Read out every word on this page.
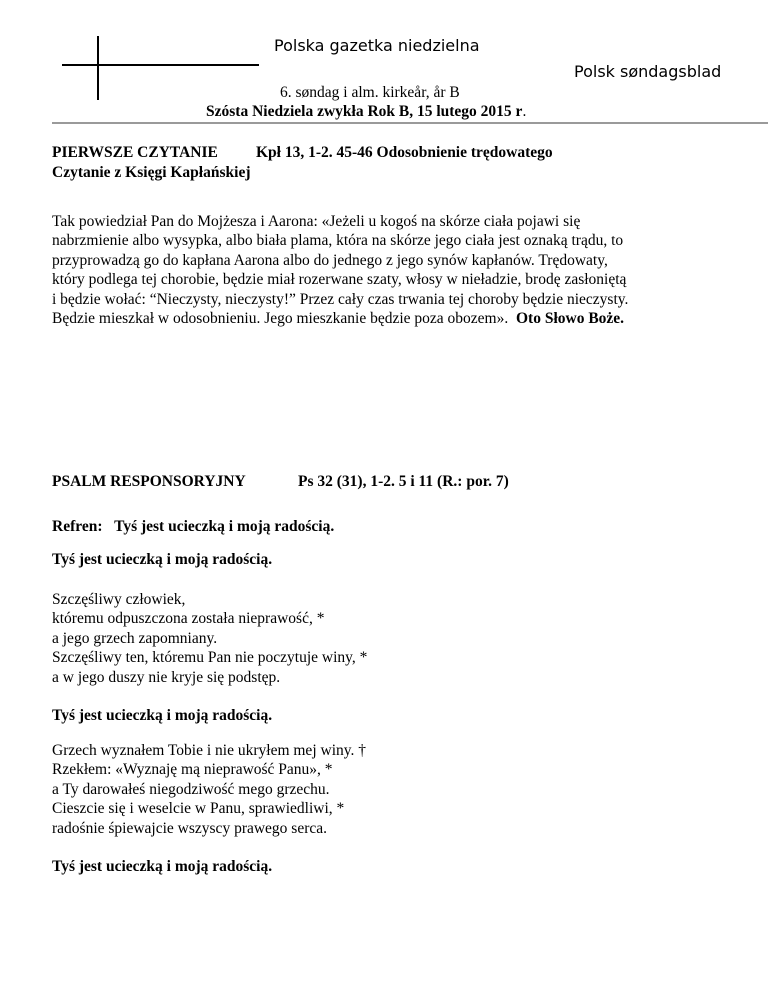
Polska gazetka niedzielna
Polsk søndagsblad
6. søndag i alm. kirkeår, år B
Szósta Niedziela zwykła Rok B, 15 lutego 2015 r.
PIERWSZE CZYTANIE Kpł 13, 1-2. 45-46 Odosobnienie trędowatego
Czytanie z Księgi Kapłańskiej
Tak powiedział Pan do Mojżesza i Aarona: «Jeżeli u kogoś na skórze ciała pojawi się
nabrzmienie albo wysypka, albo biała plama, która na skórze jego ciała jest oznaką trądu, to
przyprowadzą go do kapłana Aarona albo do jednego z jego synów kapłanów. Trędowaty,
który podlega tej chorobie, będzie miał rozerwane szaty, włosy w nieładzie, brodę zasłoniętą
i będzie wołać: “Nieczysty, nieczysty!” Przez cały czas trwania tej choroby będzie nieczysty.
Będzie mieszkał w odosobnieniu. Jego mieszkanie będzie poza obozem». Oto Słowo Boże.
PSALM RESPONSORYJNY	Ps 32 (31), 1-2. 5 i 11 (R.: por. 7)
Refren: Tyś jest ucieczką i moją radością.
Tyś jest ucieczką i moją radością.
Szczęśliwy człowiek,
któremu odpuszczona została nieprawość, *
a jego grzech zapomniany.
Szczęśliwy ten, któremu Pan nie poczytuje winy, *
a w jego duszy nie kryje się podstęp.
Tyś jest ucieczką i moją radością.
Grzech wyznałem Tobie i nie ukryłem mej winy. †
Rzekłem: «Wyznaję mą nieprawość Panu», *
a Ty darowałeś niegodziwość mego grzechu.
Cieszcie się i weselcie w Panu, sprawiedliwi, *
radośnie śpiewajcie wszyscy prawego serca.
Tyś jest ucieczką i moją radością.
